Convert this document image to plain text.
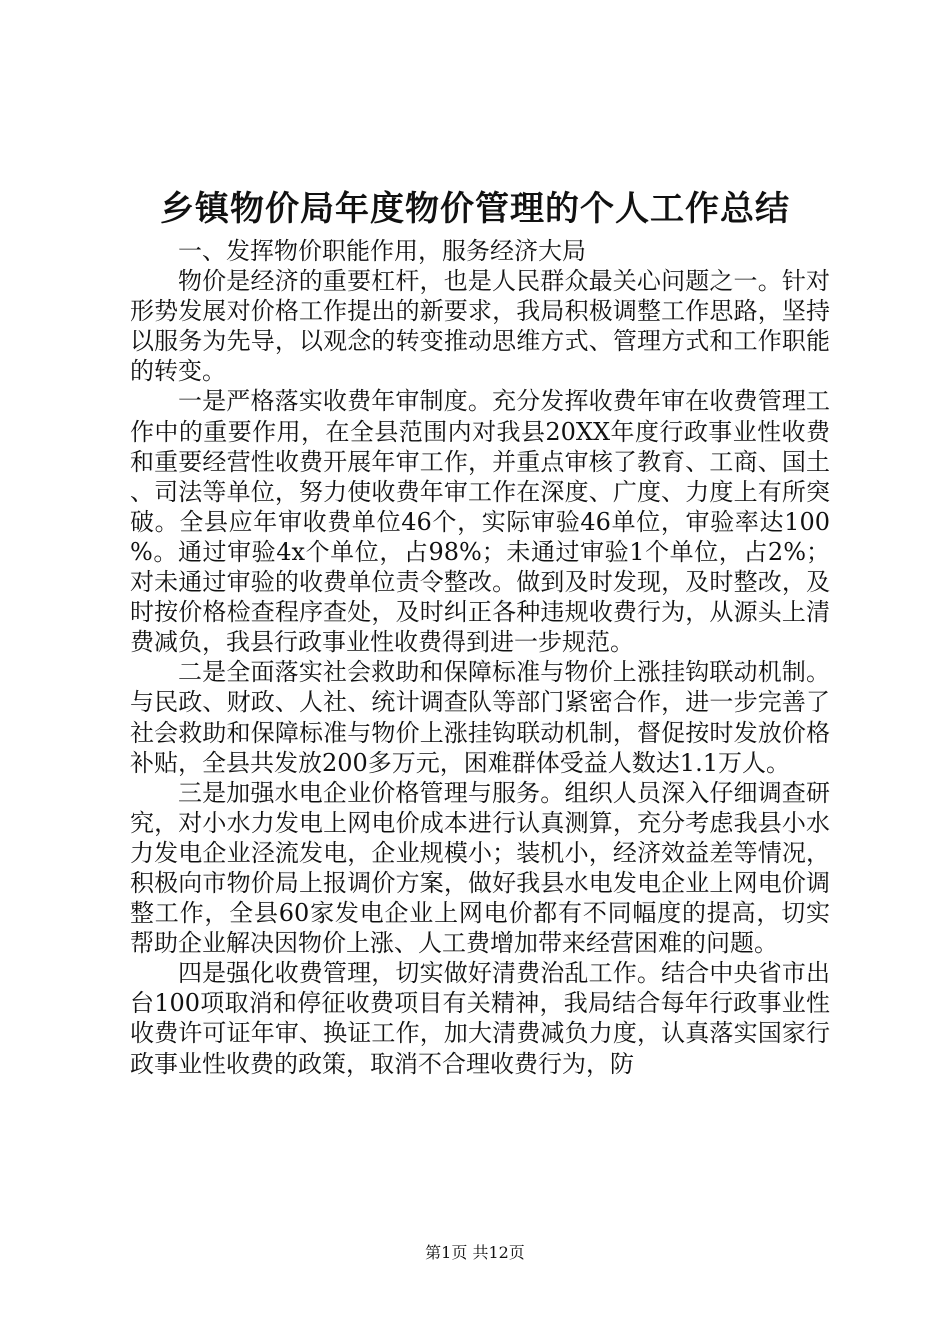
乡镇物价局年度物价管理的个人工作总结

一、发挥物价职能作用，服务经济大局

物价是经济的重要杠杆，也是人民群众最关心问题之一。针对形势发展对价格工作提出的新要求，我局积极调整工作思路，坚持以服务为先导，以观念的转变推动思维方式、管理方式和工作职能的转变。

一是严格落实收费年审制度。充分发挥收费年审在收费管理工作中的重要作用，在全县范围内对我县20XX年度行政事业性收费和重要经营性收费开展年审工作，并重点审核了教育、工商、国土、司法等单位，努力使收费年审工作在深度、广度、力度上有所突破。全县应年审收费单位46个，实际审验46单位，审验率达100%。通过审验4x个单位，占98%；未通过审验1个单位，占2%；对未通过审验的收费单位责令整改。做到及时发现，及时整改，及时按价格检查程序查处，及时纠正各种违规收费行为，从源头上清费减负，我县行政事业性收费得到进一步规范。

二是全面落实社会救助和保障标准与物价上涨挂钩联动机制。与民政、财政、人社、统计调查队等部门紧密合作，进一步完善了社会救助和保障标准与物价上涨挂钩联动机制，督促按时发放价格补贴，全县共发放200多万元，困难群体受益人数达1.1万人。

三是加强水电企业价格管理与服务。组织人员深入仔细调查研究，对小水力发电上网电价成本进行认真测算，充分考虑我县小水力发电企业泾流发电，企业规模小；装机小，经济效益差等情况，积极向市物价局上报调价方案，做好我县水电发电企业上网电价调整工作，全县60家发电企业上网电价都有不同幅度的提高，切实帮助企业解决因物价上涨、人工费增加带来经营困难的问题。

四是强化收费管理，切实做好清费治乱工作。结合中央省市出台100项取消和停征收费项目有关精神，我局结合每年行政事业性收费许可证年审、换证工作，加大清费减负力度，认真落实国家行政事业性收费的政策，取消不合理收费行为，防

第1页 共12页
